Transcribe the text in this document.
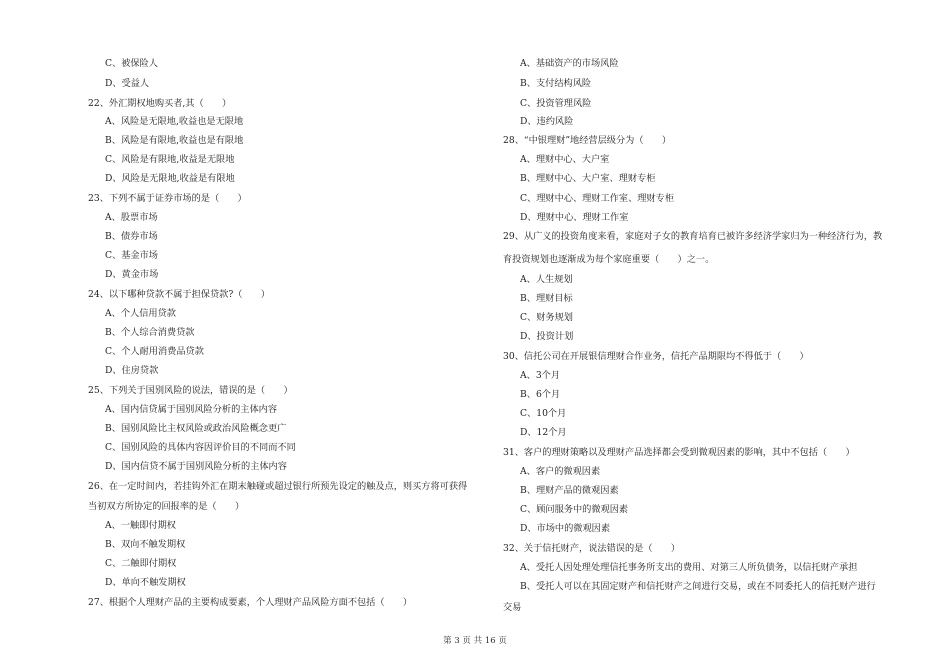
C、被保险人
D、受益人
22、外汇期权地购买者,其（　　）
A、风险是无限地,收益也是无限地
B、风险是有限地,收益也是有限地
C、风险是有限地,收益是无限地
D、风险是无限地,收益是有限地
23、下列不属于证券市场的是（　　）
A、股票市场
B、债券市场
C、基金市场
D、黄金市场
24、以下哪种贷款不属于担保贷款?（　　）
A、个人信用贷款
B、个人综合消费贷款
C、个人耐用消费品贷款
D、住房贷款
25、下列关于国别风险的说法，错误的是（　　）
A、国内信贷属于国别风险分析的主体内容
B、国别风险比主权风险或政治风险概念更广
C、国别风险的具体内容因评价目的不同而不同
D、国内信贷不属于国别风险分析的主体内容
26、在一定时间内，若挂钩外汇在期末触碰或超过银行所预先设定的触及点，则买方将可获得
当初双方所协定的回报率的是（　　）
A、一触即付期权
B、双向不触发期权
C、二触即付期权
D、单向不触发期权
27、根据个人理财产品的主要构成要素，个人理财产品风险方面不包括（　　）
A、基础资产的市场风险
B、支付结构风险
C、投资管理风险
D、违约风险
28、“中银理财”地经营层级分为（　　）
A、理财中心、大户室
B、理财中心、大户室、理财专柜
C、理财中心、理财工作室、理财专柜
D、理财中心、理财工作室
29、从广义的投资角度来看，家庭对子女的教育培育已被许多经济学家归为一种经济行为，教
育投资规划也逐渐成为每个家庭重要（　　）之一。
A、人生规划
B、理财目标
C、财务规划
D、投资计划
30、信托公司在开展银信理财合作业务，信托产品期限均不得低于（　　）
A、3个月
B、6个月
C、10个月
D、12个月
31、客户的理财策略以及理财产品选择都会受到微观因素的影响，其中不包括（　　）
A、客户的微观因素
B、理财产品的微观因素
C、顾问服务中的微观因素
D、市场中的微观因素
32、关于信托财产，说法错误的是（　　）
A、受托人因处理处理信托事务所支出的费用、对第三人所负债务，以信托财产承担
B、受托人可以在其固定财产和信托财产之间进行交易，或在不同委托人的信托财产进行
交易
第 3 页 共 16 页
